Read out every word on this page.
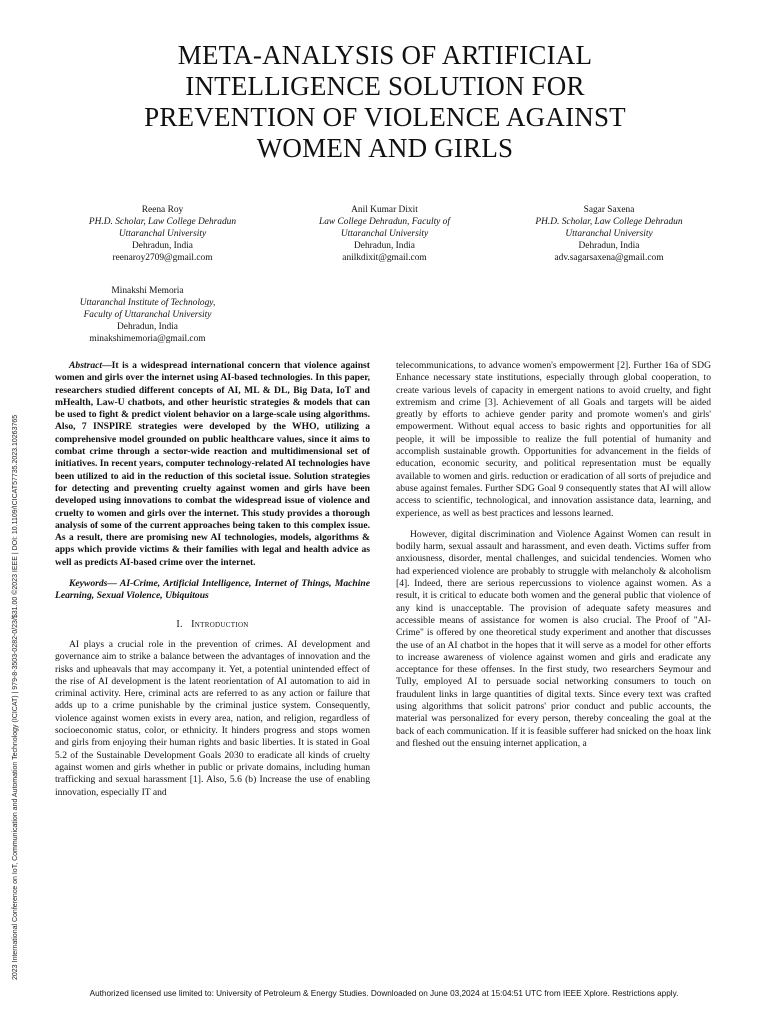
2023 International Conference on IoT, Communication and Automation Technology (ICICAT) | 979-8-3503-0282-0/23/$31.00 ©2023 IEEE | DOI: 10.1109/ICICAT57735.2023.10263765
META-ANALYSIS OF ARTIFICIAL
INTELLIGENCE SOLUTION FOR
PREVENTION OF VIOLENCE AGAINST
WOMEN AND GIRLS
Reena Roy
PH.D. Scholar, Law College Dehradun
Uttaranchal University
Dehradun, India
reenaroy2709@gmail.com
Anil Kumar Dixit
Law College Dehradun, Faculty of
Uttaranchal University
Dehradun, India
anilkdixit@gmail.com
Sagar Saxena
PH.D. Scholar, Law College Dehradun
Uttaranchal University
Dehradun, India
adv.sagarsaxena@gmail.com
Minakshi Memoria
Uttaranchal Institute of Technology,
Faculty of Uttaranchal University
Dehradun, India
minakshimemoria@gmail.com

Abstract—It is a widespread international concern that violence against women and girls over the internet using AI-based technologies. In this paper, researchers studied different concepts of AI, ML & DL, Big Data, IoT and mHealth, Law-U chatbots, and other heuristic strategies & models that can be used to fight & predict violent behavior on a large-scale using algorithms. Also, 7 INSPIRE strategies were developed by the WHO, utilizing a comprehensive model grounded on public healthcare values, since it aims to combat crime through a sector-wide reaction and multidimensional set of initiatives. In recent years, computer technology-related AI technologies have been utilized to aid in the reduction of this societal issue. Solution strategies for detecting and preventing cruelty against women and girls have been developed using innovations to combat the widespread issue of violence and cruelty to women and girls over the internet. This study provides a thorough analysis of some of the current approaches being taken to this complex issue. As a result, there are promising new AI technologies, models, algorithms & apps which provide victims & their families with legal and health advice as well as predicts AI-based crime over the internet.

Keywords— AI-Crime, Artificial Intelligence, Internet of Things, Machine Learning, Sexual Violence, Ubiquitous

I. Introduction

AI plays a crucial role in the prevention of crimes. AI development and governance aim to strike a balance between the advantages of innovation and the risks and upheavals that may accompany it. Yet, a potential unintended effect of the rise of AI development is the latent reorientation of AI automation to aid in criminal activity. Here, criminal acts are referred to as any action or failure that adds up to a crime punishable by the criminal justice system. Consequently, violence against women exists in every area, nation, and religion, regardless of socioeconomic status, color, or ethnicity. It hinders progress and stops women and girls from enjoying their human rights and basic liberties. It is stated in Goal 5.2 of the Sustainable Development Goals 2030 to eradicate all kinds of cruelty against women and girls whether in public or private domains, including human trafficking and sexual harassment [1]. Also, 5.6 (b) Increase the use of enabling innovation, especially IT and

telecommunications, to advance women's empowerment [2]. Further 16a of SDG Enhance necessary state institutions, especially through global cooperation, to create various levels of capacity in emergent nations to avoid cruelty, and fight extremism and crime [3]. Achievement of all Goals and targets will be aided greatly by efforts to achieve gender parity and promote women's and girls' empowerment. Without equal access to basic rights and opportunities for all people, it will be impossible to realize the full potential of humanity and accomplish sustainable growth. Opportunities for advancement in the fields of education, economic security, and political representation must be equally available to women and girls. reduction or eradication of all sorts of prejudice and abuse against females. Further SDG Goal 9 consequently states that AI will allow access to scientific, technological, and innovation assistance data, learning, and experience, as well as best practices and lessons learned.

However, digital discrimination and Violence Against Women can result in bodily harm, sexual assault and harassment, and even death. Victims suffer from anxiousness, disorder, mental challenges, and suicidal tendencies. Women who had experienced violence are probably to struggle with melancholy & alcoholism [4]. Indeed, there are serious repercussions to violence against women. As a result, it is critical to educate both women and the general public that violence of any kind is unacceptable. The provision of adequate safety measures and accessible means of assistance for women is also crucial. The Proof of "AI-Crime" is offered by one theoretical study experiment and another that discusses the use of an AI chatbot in the hopes that it will serve as a model for other efforts to increase awareness of violence against women and girls and eradicate any acceptance for these offenses. In the first study, two researchers Seymour and Tully, employed AI to persuade social networking consumers to touch on fraudulent links in large quantities of digital texts. Since every text was crafted using algorithms that solicit patrons' prior conduct and public accounts, the material was personalized for every person, thereby concealing the goal at the back of each communication. If it is feasible sufferer had snicked on the hoax link and fleshed out the ensuing internet application, a

Authorized licensed use limited to: University of Petroleum & Energy Studies. Downloaded on June 03,2024 at 15:04:51 UTC from IEEE Xplore. Restrictions apply.
